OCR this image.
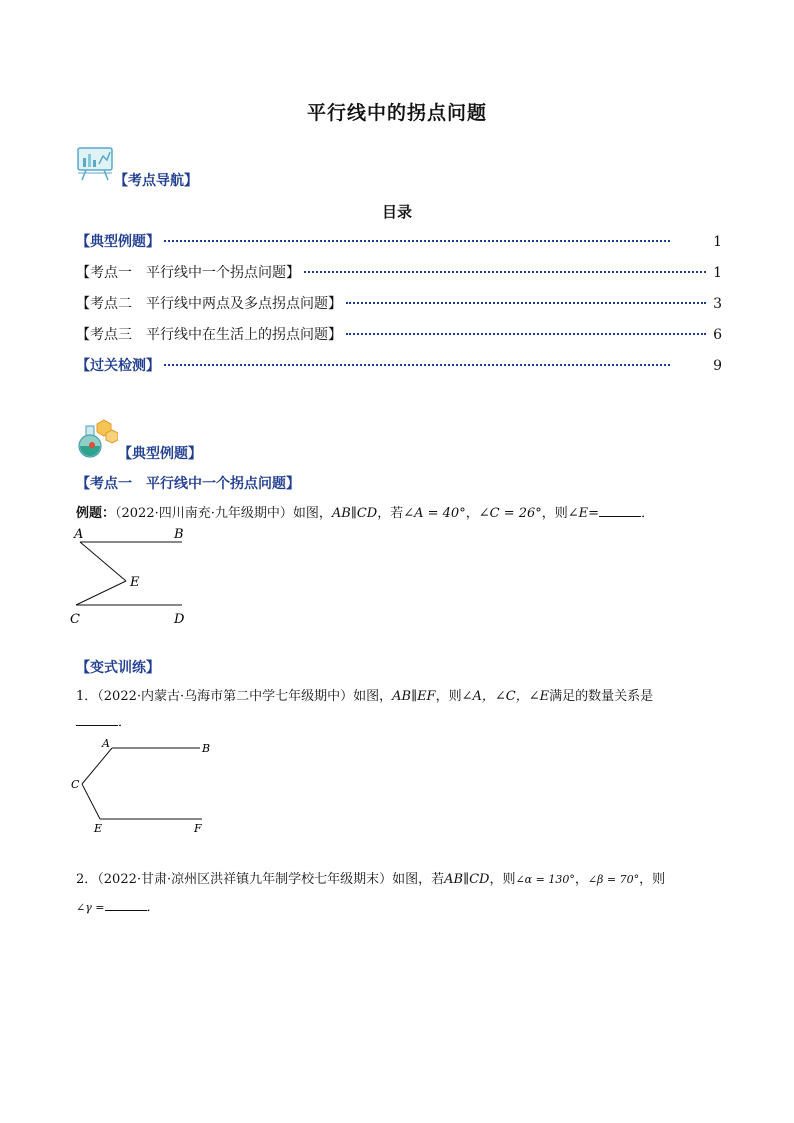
平行线中的拐点问题
【考点导航】
目录
【典型例题】	1
【考点一　平行线中一个拐点问题】	1
【考点二　平行线中两点及多点拐点问题】	3
【考点三　平行线中在生活上的拐点问题】	6
【过关检测】	9
【典型例题】
【考点一　平行线中一个拐点问题】
例题：（2022·四川南充·九年级期中）如图，AB∥CD，若∠A = 40°，∠C = 26°，则∠E=	．
A	B
E
C	D
【变式训练】
1．（2022·内蒙古·乌海市第二中学七年级期中）如图，AB∥EF，则∠A，∠C，∠E满足的数量关系是
．
A	B
C
E	F
2．（2022·甘肃·凉州区洪祥镇九年制学校七年级期末）如图，若AB∥CD，则∠α = 130°，∠β = 70°，则
∠γ =	．
